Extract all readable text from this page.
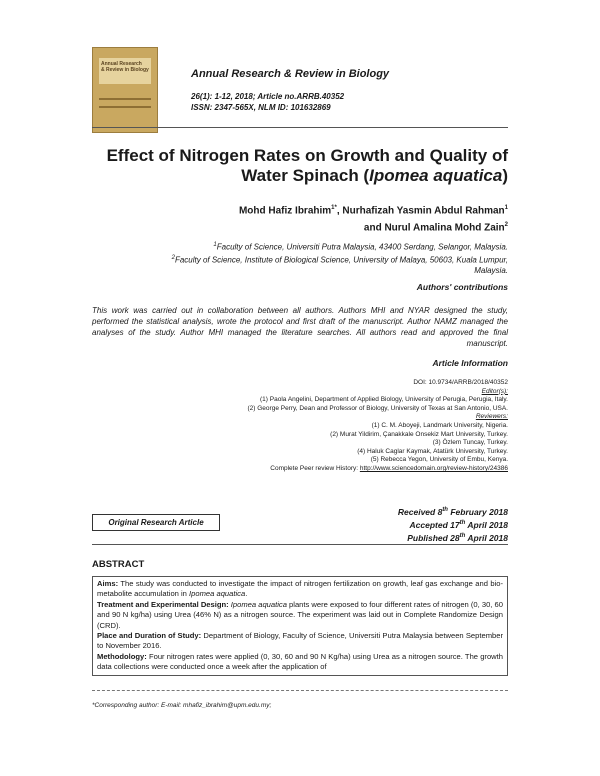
Annual Research
& Review in Biology	Annual Research & Review in Biology
26(1): 1-12, 2018; Article no.ARRB.40352
ISSN: 2347-565X, NLM ID: 101632869
Effect of Nitrogen Rates on Growth and Quality of
Water Spinach (Ipomea aquatica)
Mohd Hafiz Ibrahim$^{1*}$, Nurhafizah Yasmin Abdul Rahman$^1$
and Nurul Amalina Mohd Zain$^2$
$^1$Faculty of Science, Universiti Putra Malaysia, 43400 Serdang, Selangor, Malaysia.
$^2$Faculty of Science, Institute of Biological Science, University of Malaya, 50603, Kuala Lumpur,
Malaysia.
Authors' contributions
This work was carried out in collaboration between all authors. Authors MHI and NYAR designed the study, performed the statistical analysis, wrote the protocol and first draft of the manuscript. Author NAMZ managed the analyses of the study. Author MHI managed the literature searches. All authors read and approved the final manuscript.
Article Information
DOI: 10.9734/ARRB/2018/40352
Editor(s):
(1) Paola Angelini, Department of Applied Biology, University of Perugia, Perugia, Italy.
(2) George Perry, Dean and Professor of Biology, University of Texas at San Antonio, USA.
Reviewers:
(1) C. M. Aboyeji, Landmark University, Nigeria.
(2) Murat Yildirim, Çanakkale Onsekiz Mart University, Turkey.
(3) Özlem Tuncay, Turkey.
(4) Haluk Caglar Kaymak, Atatürk University, Turkey.
(5) Rebecca Yegon, University of Embu, Kenya.
Complete Peer review History: http://www.sciencedomain.org/review-history/24386
Original Research Article
Received 8th February 2018
Accepted 17th April 2018
Published 28th April 2018
ABSTRACT

Aims: The study was conducted to investigate the impact of nitrogen fertilization on growth, leaf gas exchange and bio-metabolite accumulation in Ipomea aquatica.

Treatment and Experimental Design: Ipomea aquatica plants were exposed to four different rates of nitrogen (0, 30, 60 and 90 N kg/ha) using Urea (46% N) as a nitrogen source. The experiment was laid out in Complete Randomize Design (CRD).

Place and Duration of Study: Department of Biology, Faculty of Science, Universiti Putra Malaysia between September to November 2016.

Methodology: Four nitrogen rates were applied (0, 30, 60 and 90 N Kg/ha) using Urea as a nitrogen source. The growth data collections were conducted once a week after the application of

*Corresponding author: E-mail: mhafiz_ibrahim@upm.edu.my;
